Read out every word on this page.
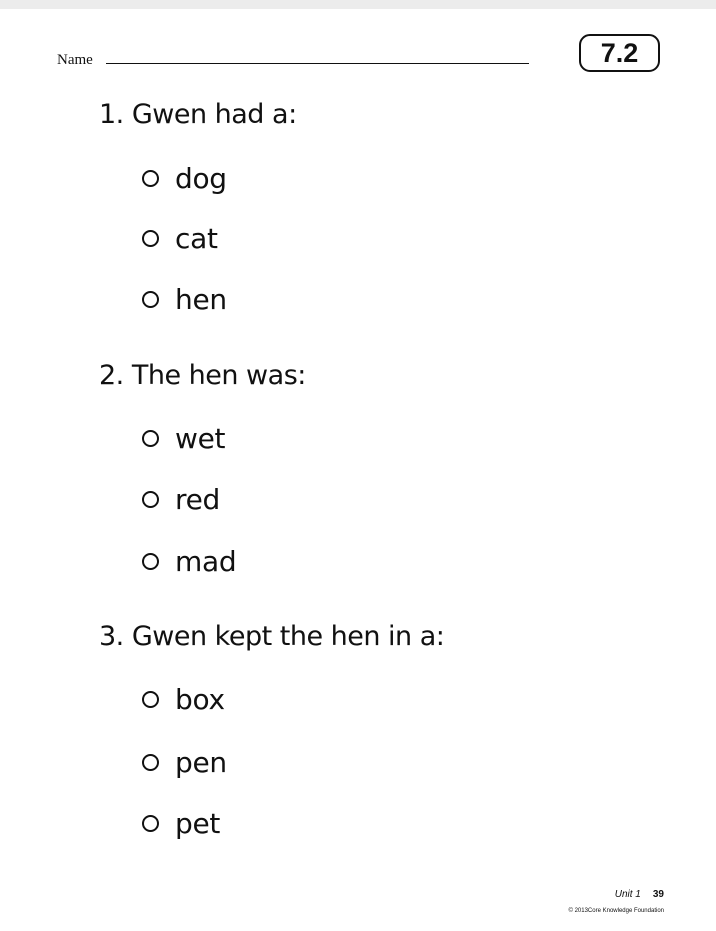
Name	7.2
1. Gwen had a:
dog
cat
hen
2. The hen was:
wet
red
mad
3. Gwen kept the hen in a:
box
pen
pet
Unit 1 39
© 2013Core Knowledge Foundation
